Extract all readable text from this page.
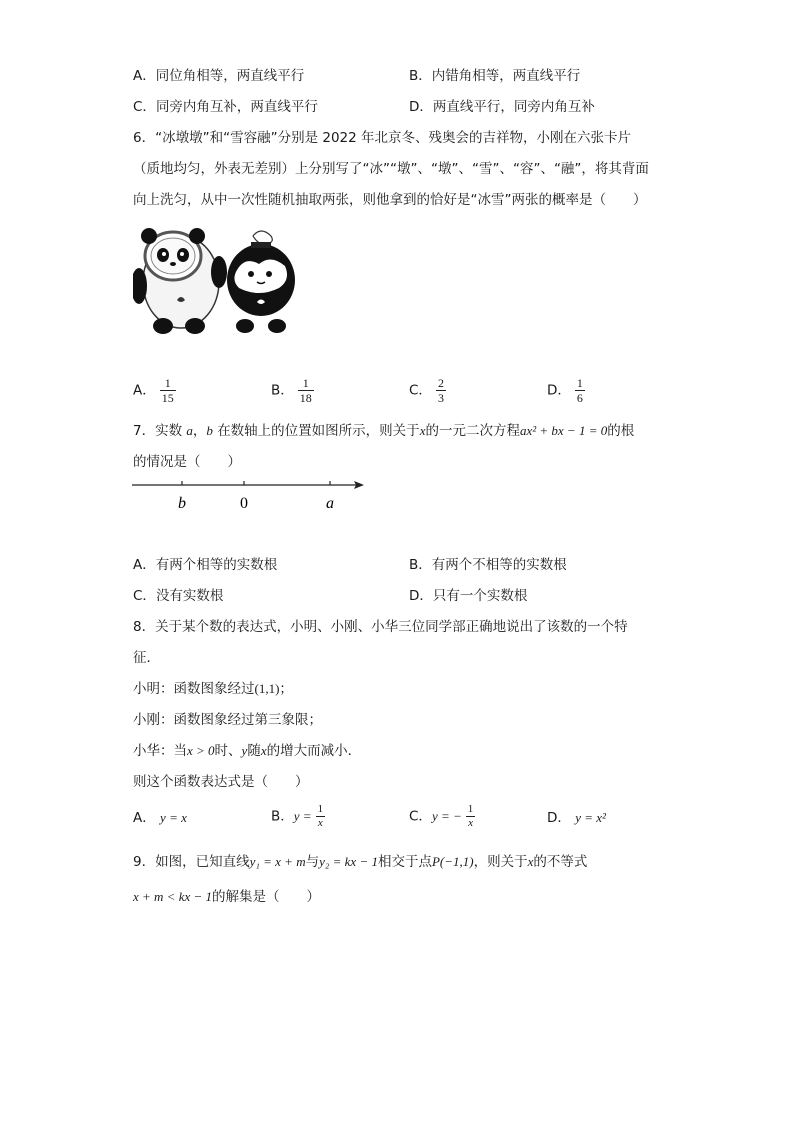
A．同位角相等，两直线平行	B．内错角相等，两直线平行
C．同旁内角互补，两直线平行	D．两直线平行，同旁内角互补
6．“冰墩墩”和“雪容融”分别是 2022 年北京冬、残奥会的吉祥物，小刚在六张卡片
（质地均匀，外表无差别）上分别写了“冰”“墩”、“墩”、“雪”、“容”、“融”，将其背面
向上洗匀，从中一次性随机抽取两张，则他拿到的恰好是“冰雪”两张的概率是（　　）
A． $\frac{1}{15}$	B． $\frac{1}{18}$	C． $\frac{2}{3}$	D． $\frac{1}{6}$
7．实数 a，b 在数轴上的位置如图所示，则关于x的一元二次方程ax² + bx − 1 = 0的根
的情况是（　　）
b	0	a
A．有两个相等的实数根	B．有两个不相等的实数根
C．没有实数根	D．只有一个实数根
8．关于某个数的表达式，小明、小刚、小华三位同学部正确地说出了该数的一个特
征．
小明：函数图象经过(1,1)；
小刚：函数图象经过第三象限；
小华：当x > 0时、y随x的增大而减小．
则这个函数表达式是（　　）
A． y = x	B．$y = \frac{1}{x}$	C．y = − $\frac{1}{x}$	D． y = x²
9．如图，已知直线y₁ = x + m与y₂ = kx − 1相交于点P(−1,1)，则关于x的不等式
x + m < kx − 1的解集是（　　）
